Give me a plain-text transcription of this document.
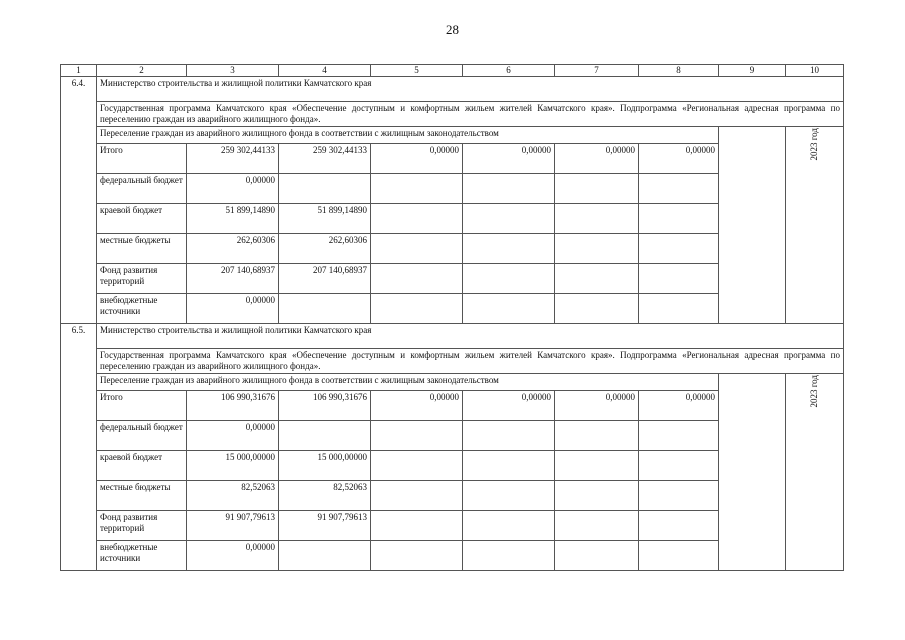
28
1	2	3	4	5	6	7	8	9	10
6.4.	Министерство строительства и жилищной политики Камчатского края								
	Государственная программа Камчатского края «Обеспечение доступным и комфортным жильем жителей Камчатского края». Подпрограмма «Региональная адресная программа по переселению граждан из аварийного жилищного фонда».								
	Переселение граждан из аварийного жилищного фонда в соответствии с жилищным законодательством								2023 год

	Итого	259 302,44133	259 302,44133	0,00000	0,00000	0,00000	0,00000		
	федеральный бюджет	0,00000							
	краевой бюджет	51 899,14890	51 899,14890						
	местные бюджеты	262,60306	262,60306						
	Фонд развития территорий	207 140,68937	207 140,68937						
	внебюджетные источники	0,00000							
6.5.	Министерство строительства и жилищной политики Камчатского края								
	Государственная программа Камчатского края «Обеспечение доступным и комфортным жильем жителей Камчатского края». Подпрограмма «Региональная адресная программа по переселению граждан из аварийного жилищного фонда».								
	Переселение граждан из аварийного жилищного фонда в соответствии с жилищным законодательством								2023 год

	Итого	106 990,31676	106 990,31676	0,00000	0,00000	0,00000	0,00000		
	федеральный бюджет	0,00000							
	краевой бюджет	15 000,00000	15 000,00000						
	местные бюджеты	82,52063	82,52063						
	Фонд развития территорий	91 907,79613	91 907,79613						
	внебюджетные источники	0,00000							
